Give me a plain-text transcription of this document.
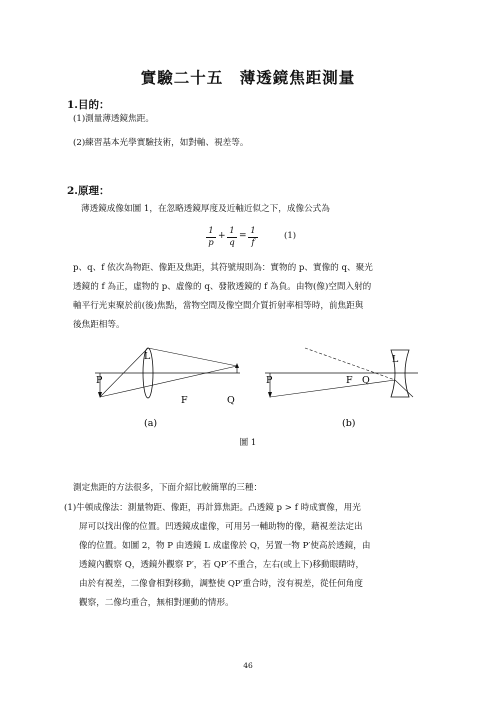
實驗二十五　薄透鏡焦距測量
1.目的：
(1)測量薄透鏡焦距。
(2)練習基本光學實驗技術，如對軸、視差等。
2.原理：
薄透鏡成像如圖 1，在忽略透鏡厚度及近軸近似之下，成像公式為
1
p
+ 1
q
= 1
f
(1)
p、q、f 依次為物距、像距及焦距，其符號規則為：實物的 p、實像的 q、聚光
透鏡的 f 為正，虛物的 p、虛像的 q、發散透鏡的 f 為負。由物(像)空間入射的
軸平行光束聚於前(後)焦點，當物空間及像空間介質折射率相等時，前焦距與
後焦距相等。
L
P
F	Q
(a)
L
P	F Q
(b)
圖 1
測定焦距的方法很多，下面介紹比較簡單的三種：
(1)牛頓成像法：測量物距、像距，再計算焦距。凸透鏡 p > f 時成實像，用光
屏可以找出像的位置。凹透鏡成虛像，可用另一輔助物的像，藉視差法定出
像的位置。如圖 2，物 P 由透鏡 L 成虛像於 Q，另置一物 P′使高於透鏡，由
透鏡內觀察 Q，透鏡外觀察 P′，若 QP′不重合，左右(或上下)移動眼睛時，
由於有視差，二像會相對移動，調整使 QP′重合時，沒有視差，從任何角度
觀察，二像均重合，無相對運動的情形。
46
